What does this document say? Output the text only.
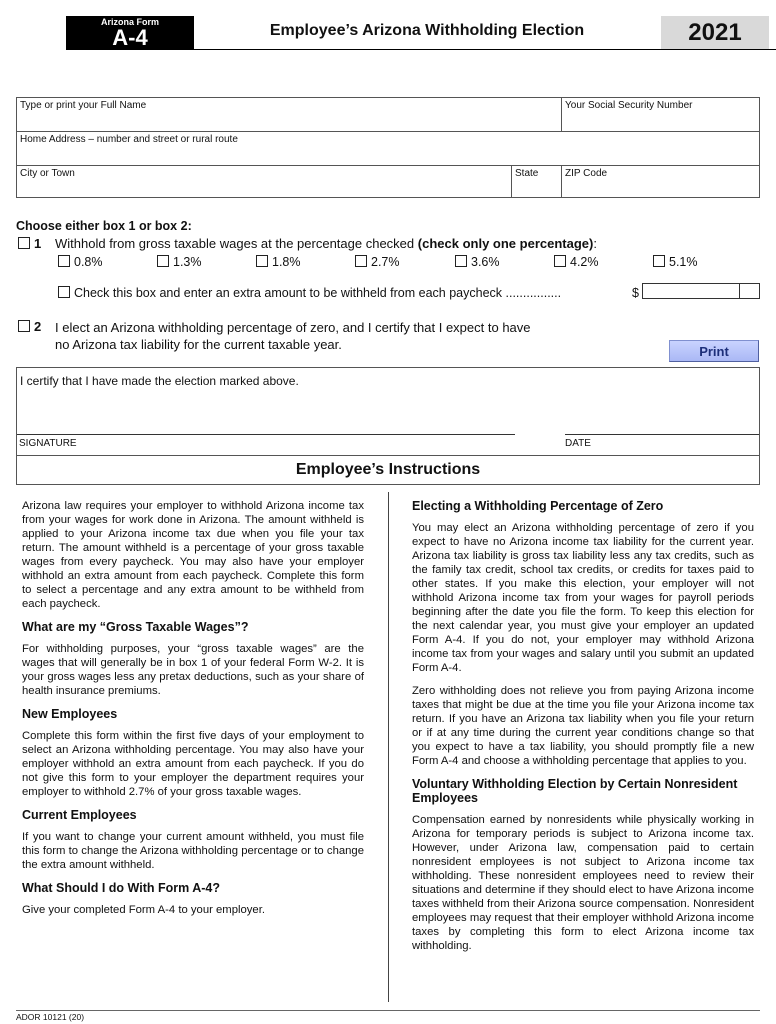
Arizona Form
A-4	Employee’s Arizona Withholding Election	2021
Type or print your Full Name	Your Social Security Number
Home Address – number and street or rural route
City or Town	State	ZIP Code
Choose either box 1 or box 2:
1 Withhold from gross taxable wages at the percentage checked (check only one percentage):
0.8%	1.3%	1.8%	2.7%	3.6%	4.2%	5.1%
Check this box and enter an extra amount to be withheld from each paycheck ................	$
2 I elect an Arizona withholding percentage of zero, and I certify that I expect to have
no Arizona tax liability for the current taxable year.	Print
I certify that I have made the election marked above.
SIGNATURE	DATE
Employee’s Instructions

Arizona law requires your employer to withhold Arizona income tax from your wages for work done in Arizona. The amount withheld is applied to your Arizona income tax due when you file your tax return. The amount withheld is a percentage of your gross taxable wages from every paycheck. You may also have your employer withhold an extra amount from each paycheck. Complete this form to select a percentage and any extra amount to be withheld from each paycheck.

What are my “Gross Taxable Wages”?

For withholding purposes, your “gross taxable wages” are the wages that will generally be in box 1 of your federal Form W-2. It is your gross wages less any pretax deductions, such as your share of health insurance premiums.

New Employees

Complete this form within the first five days of your employment to select an Arizona withholding percentage. You may also have your employer withhold an extra amount from each paycheck. If you do not give this form to your employer the department requires your employer to withhold 2.7% of your gross taxable wages.

Current Employees

If you want to change your current amount withheld, you must file this form to change the Arizona withholding percentage or to change the extra amount withheld.

What Should I do With Form A-4?

Give your completed Form A-4 to your employer.

Electing a Withholding Percentage of Zero

You may elect an Arizona withholding percentage of zero if you expect to have no Arizona income tax liability for the current year. Arizona tax liability is gross tax liability less any tax credits, such as the family tax credit, school tax credits, or credits for taxes paid to other states. If you make this election, your employer will not withhold Arizona income tax from your wages for payroll periods beginning after the date you file the form. To keep this election for the next calendar year, you must give your employer an updated Form A-4. If you do not, your employer may withhold Arizona income tax from your wages and salary until you submit an updated Form A-4.

Zero withholding does not relieve you from paying Arizona income taxes that might be due at the time you file your Arizona income tax return. If you have an Arizona tax liability when you file your return or if at any time during the current year conditions change so that you expect to have a tax liability, you should promptly file a new Form A-4 and choose a withholding percentage that applies to you.

Voluntary Withholding Election by Certain Nonresident Employees

Compensation earned by nonresidents while physically working in Arizona for temporary periods is subject to Arizona income tax. However, under Arizona law, compensation paid to certain nonresident employees is not subject to Arizona income tax withholding. These nonresident employees need to review their situations and determine if they should elect to have Arizona income taxes withheld from their Arizona source compensation. Nonresident employees may request that their employer withhold Arizona income taxes by completing this form to elect Arizona income tax withholding.

ADOR 10121 (20)
